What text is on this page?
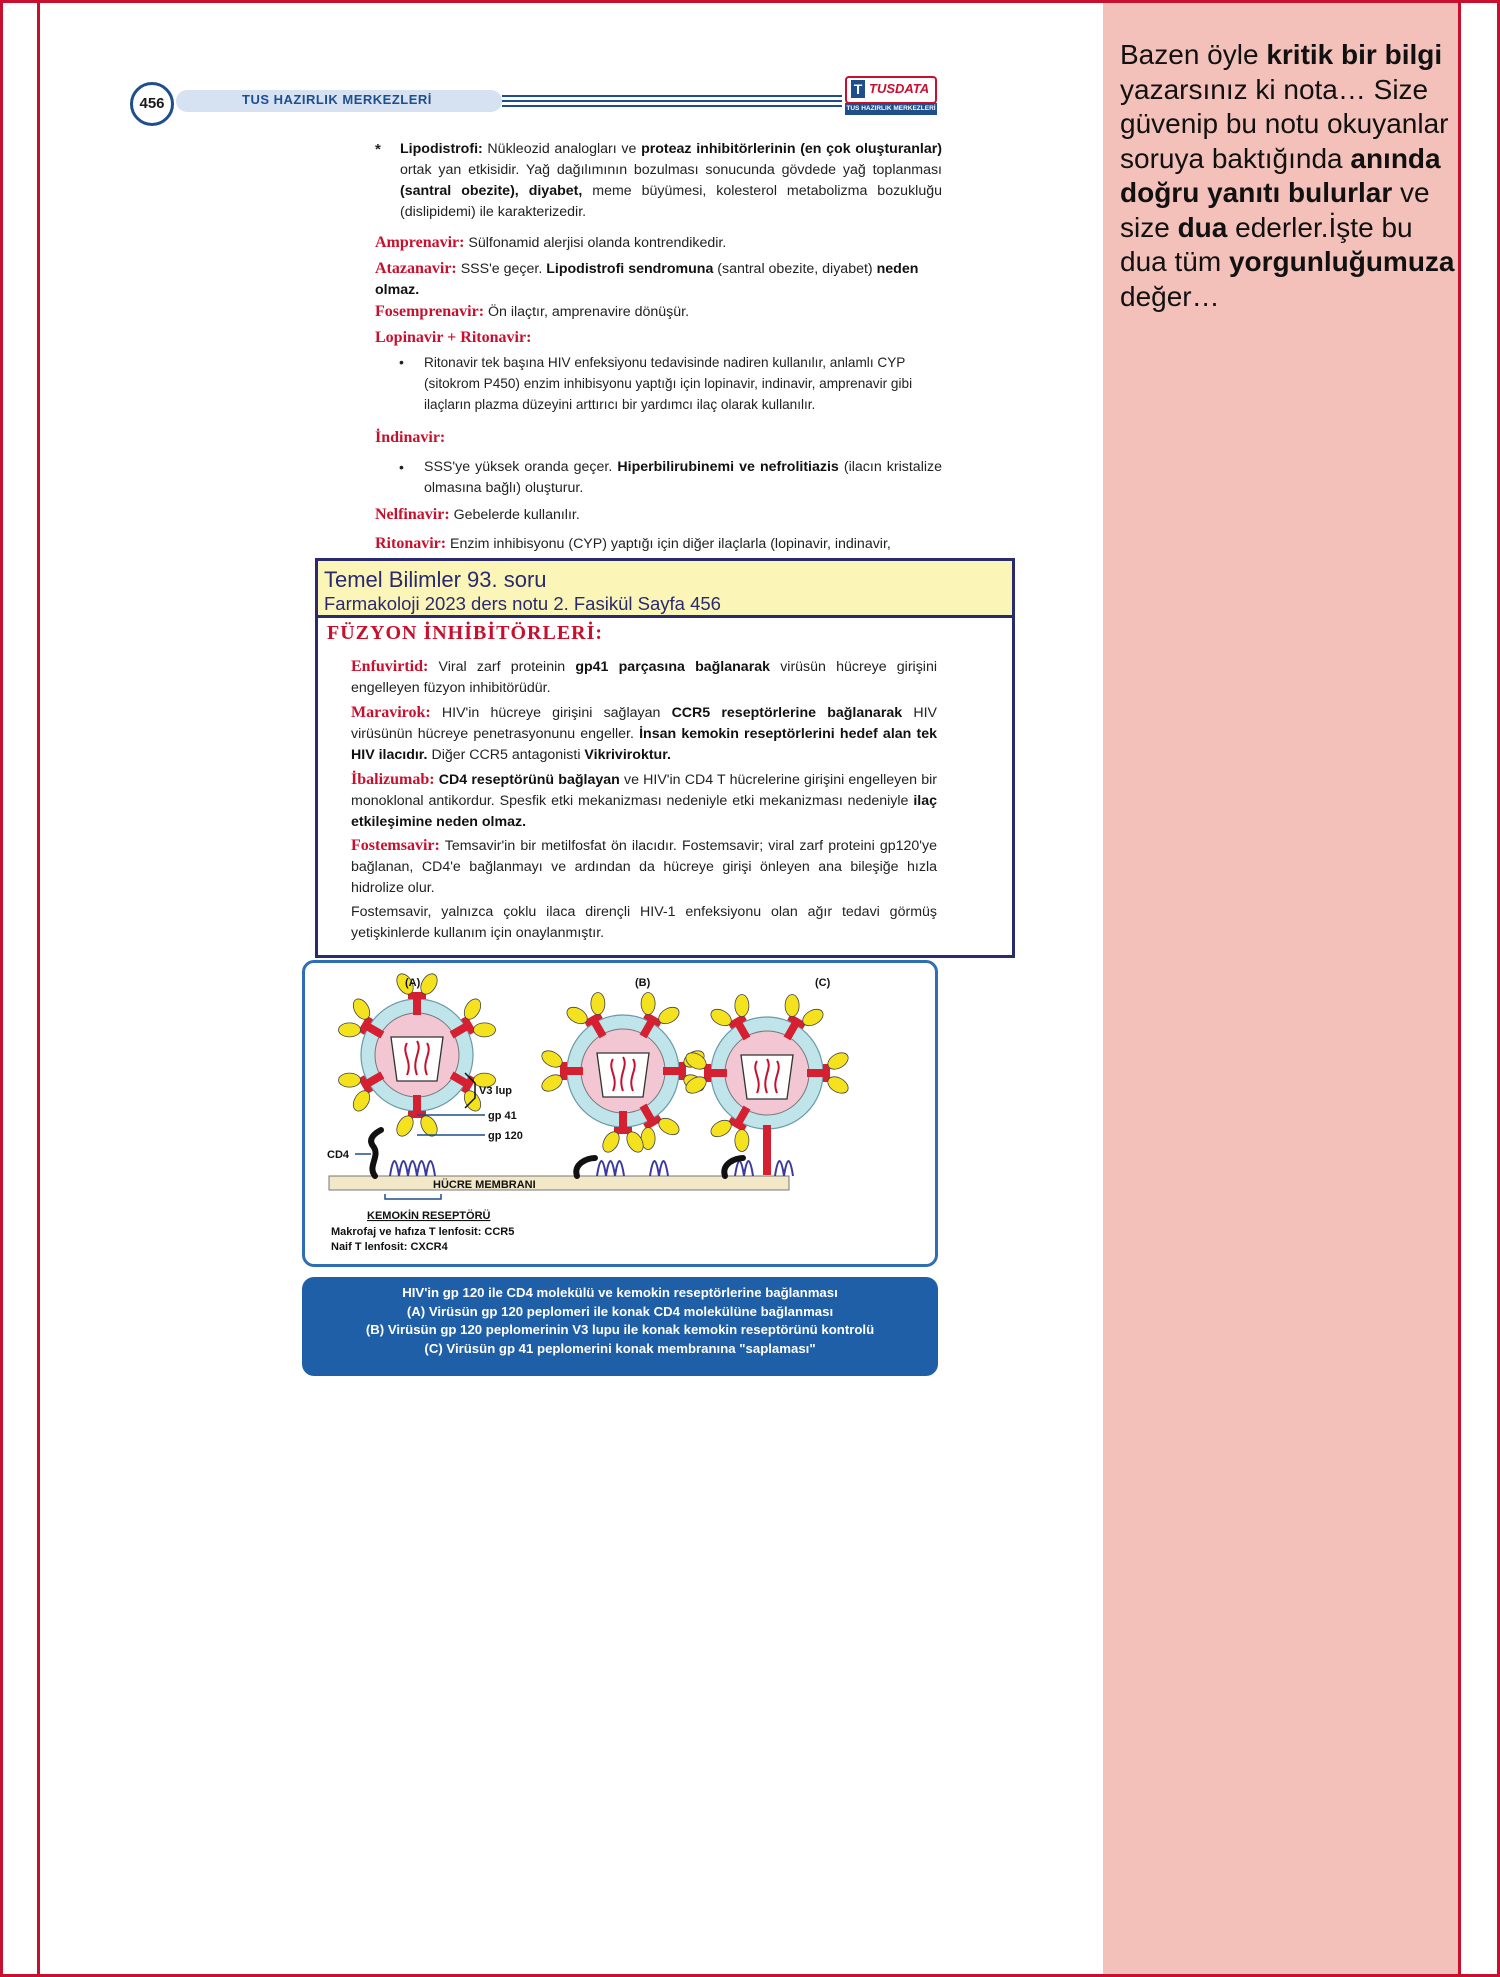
Bazen öyle kritik bir bilgi yazarsınız ki nota… Size güvenip bu notu okuyanlar soruya baktığında anında doğru yanıtı bulurlar ve size dua ederler.İşte bu dua tüm yorgunluğumuza değer…
456	TUS HAZIRLIK MERKEZLERİ
T TUSDATA
TUS HAZIRLIK MERKEZLERİ
* Lipodistrofi: Nükleozid analogları ve proteaz inhibitörlerinin (en çok oluşturanlar) ortak yan etkisidir. Yağ dağılımının bozulması sonucunda gövdede yağ toplanması (santral obezite), diyabet, meme büyümesi, kolesterol metabolizma bozukluğu (dislipidemi) ile karakterizedir.
Amprenavir: Sülfonamid alerjisi olanda kontrendikedir.
Atazanavir: SSS'e geçer. Lipodistrofi sendromuna (santral obezite, diyabet) neden olmaz.
Fosemprenavir: Ön ilaçtır, amprenavire dönüşür.
Lopinavir + Ritonavir:
• Ritonavir tek başına HIV enfeksiyonu tedavisinde nadiren kullanılır, anlamlı CYP (sitokrom P450) enzim inhibisyonu yaptığı için lopinavir, indinavir, amprenavir gibi ilaçların plazma düzeyini arttırıcı bir yardımcı ilaç olarak kullanılır.
İndinavir:
• SSS'ye yüksek oranda geçer. Hiperbilirubinemi ve nefrolitiazis (ilacın kristalize olmasına bağlı) oluşturur.
Nelfinavir: Gebelerde kullanılır.
Ritonavir: Enzim inhibisyonu (CYP) yaptığı için diğer ilaçlarla (lopinavir, indinavir,
Temel Bilimler 93. soru
Farmakoloji 2023 ders notu 2. Fasikül Sayfa 456
FÜZYON İNHİBİTÖRLERİ:
Enfuvirtid: Viral zarf proteinin gp41 parçasına bağlanarak virüsün hücreye girişini engelleyen füzyon inhibitörüdür.
Maravirok: HIV'in hücreye girişini sağlayan CCR5 reseptörlerine bağlanarak HIV virüsünün hücreye penetrasyonunu engeller. İnsan kemokin reseptörlerini hedef alan tek HIV ilacıdır. Diğer CCR5 antagonisti Vikriviroktur.
İbalizumab: CD4 reseptörünü bağlayan ve HIV'in CD4 T hücrelerine girişini engelleyen bir monoklonal antikordur. Spesfik etki mekanizması nedeniyle etki mekanizması nedeniyle ilaç etkileşimine neden olmaz.
Fostemsavir: Temsavir'in bir metilfosfat ön ilacıdır. Fostemsavir; viral zarf proteini gp120'ye bağlanan, CD4'e bağlanmayı ve ardından da hücreye girişi önleyen ana bileşiğe hızla hidrolize olur.
Fostemsavir, yalnızca çoklu ilaca dirençli HIV-1 enfeksiyonu olan ağır tedavi görmüş yetişkinlerde kullanım için onaylanmıştır.
HÜCRE MEMBRANI
(A)	(B)	(C)
V3 lup
gp 41
gp 120
CD4
KEMOKİN RESEPTÖRÜ
Makrofaj ve hafıza T lenfosit: CCR5
Naif T lenfosit: CXCR4
HIV'in gp 120 ile CD4 molekülü ve kemokin reseptörlerine bağlanması
(A) Virüsün gp 120 peplomeri ile konak CD4 molekülüne bağlanması
(B) Virüsün gp 120 peplomerinin V3 lupu ile konak kemokin reseptörünü kontrolü
(C) Virüsün gp 41 peplomerini konak membranına "saplaması"
